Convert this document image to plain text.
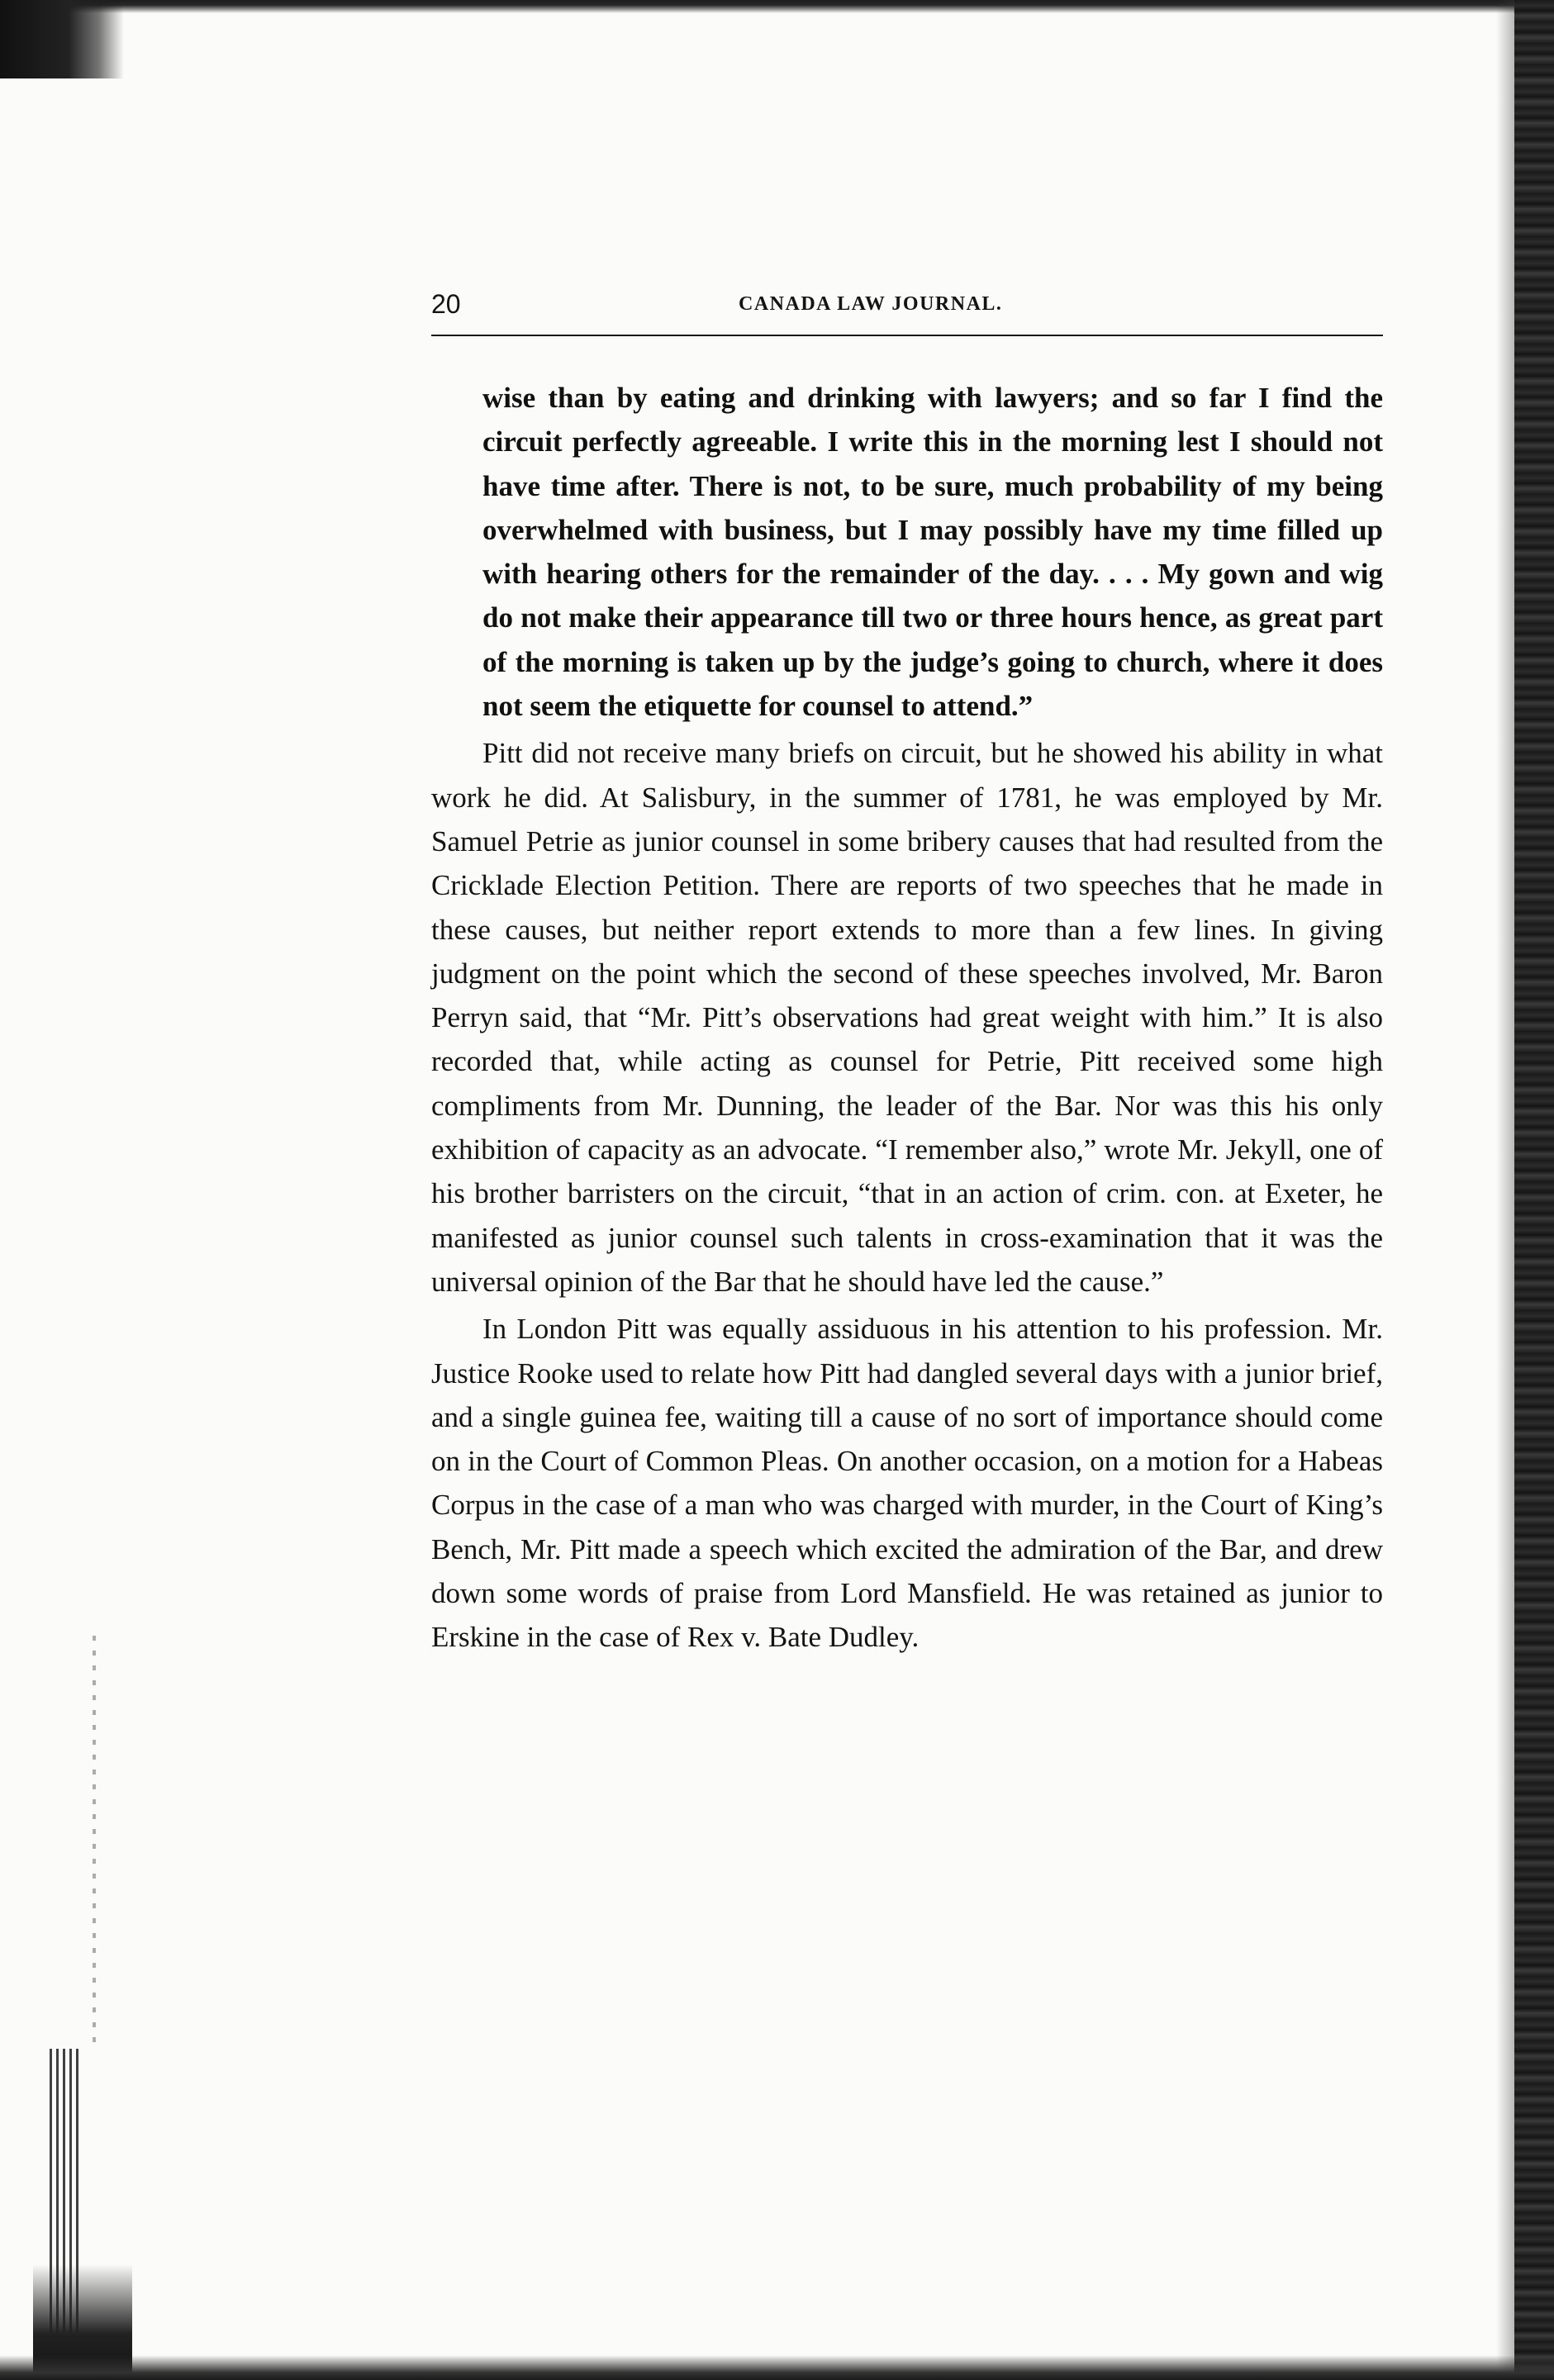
20	CANADA LAW JOURNAL.

wise than by eating and drinking with lawyers; and so far I find the circuit perfectly agreeable. I write this in the morning lest I should not have time after. There is not, to be sure, much probability of my being overwhelmed with business, but I may possibly have my time filled up with hearing others for the remainder of the day. . . . My gown and wig do not make their appearance till two or three hours hence, as great part of the morning is taken up by the judge’s going to church, where it does not seem the etiquette for counsel to attend.”

Pitt did not receive many briefs on circuit, but he showed his ability in what work he did. At Salisbury, in the summer of 1781, he was employed by Mr. Samuel Petrie as junior counsel in some bribery causes that had resulted from the Cricklade Election Petition. There are reports of two speeches that he made in these causes, but neither report extends to more than a few lines. In giving judgment on the point which the second of these speeches involved, Mr. Baron Perryn said, that “Mr. Pitt’s observations had great weight with him.” It is also recorded that, while acting as counsel for Petrie, Pitt received some high compliments from Mr. Dunning, the leader of the Bar. Nor was this his only exhibition of capacity as an advocate. “I remember also,” wrote Mr. Jekyll, one of his brother barristers on the circuit, “that in an action of crim. con. at Exeter, he manifested as junior counsel such talents in cross-examination that it was the universal opinion of the Bar that he should have led the cause.”

In London Pitt was equally assiduous in his attention to his profession. Mr. Justice Rooke used to relate how Pitt had dangled several days with a junior brief, and a single guinea fee, waiting till a cause of no sort of importance should come on in the Court of Common Pleas. On another occasion, on a motion for a Habeas Corpus in the case of a man who was charged with murder, in the Court of King’s Bench, Mr. Pitt made a speech which excited the admiration of the Bar, and drew down some words of praise from Lord Mansfield. He was retained as junior to Erskine in the case of Rex v. Bate Dudley.
